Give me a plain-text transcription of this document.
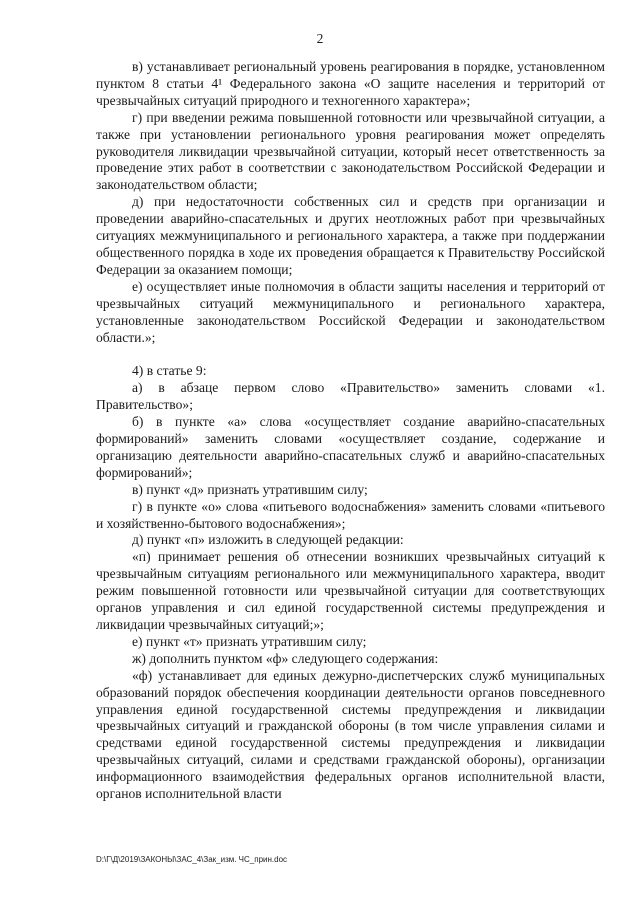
2

в) устанавливает региональный уровень реагирования в порядке, установленном пунктом 8 статьи 4¹ Федерального закона «О защите населения и территорий от чрезвычайных ситуаций природного и техногенного характера»;

г) при введении режима повышенной готовности или чрезвычайной ситуации, а также при установлении регионального уровня реагирования может определять руководителя ликвидации чрезвычайной ситуации, который несет ответственность за проведение этих работ в соответствии с законодательством Российской Федерации и законодательством области;

д) при недостаточности собственных сил и средств при организации и проведении аварийно-спасательных и других неотложных работ при чрезвычайных ситуациях межмуниципального и регионального характера, а также при поддержании общественного порядка в ходе их проведения обращается к Правительству Российской Федерации за оказанием помощи;

е) осуществляет иные полномочия в области защиты населения и территорий от чрезвычайных ситуаций межмуниципального и регионального характера, установленные законодательством Российской Федерации и законодательством области.»;

4) в статье 9:

а) в абзаце первом слово «Правительство» заменить словами «1. Правительство»;

б) в пункте «а» слова «осуществляет создание аварийно-спасательных формирований» заменить словами «осуществляет создание, содержание и организацию деятельности аварийно-спасательных служб и аварийно-спасательных формирований»;

в) пункт «д» признать утратившим силу;

г) в пункте «о» слова «питьевого водоснабжения» заменить словами «питьевого и хозяйственно-бытового водоснабжения»;

д) пункт «п» изложить в следующей редакции:

«п) принимает решения об отнесении возникших чрезвычайных ситуаций к чрезвычайным ситуациям регионального или межмуниципального характера, вводит режим повышенной готовности или чрезвычайной ситуации для соответствующих органов управления и сил единой государственной системы предупреждения и ликвидации чрезвычайных ситуаций;»;

е) пункт «т» признать утратившим силу;

ж) дополнить пунктом «ф» следующего содержания:

«ф) устанавливает для единых дежурно-диспетчерских служб муниципальных образований порядок обеспечения координации деятельности органов повседневного управления единой государственной системы предупреждения и ликвидации чрезвычайных ситуаций и гражданской обороны (в том числе управления силами и средствами единой государственной системы предупреждения и ликвидации чрезвычайных ситуаций, силами и средствами гражданской обороны), организации информационного взаимодействия федеральных органов исполнительной власти, органов исполнительной власти

D:\Г\Д\2019\ЗАКОНЫ\ЗАС_4\Зак_изм. ЧС_прин.doc
